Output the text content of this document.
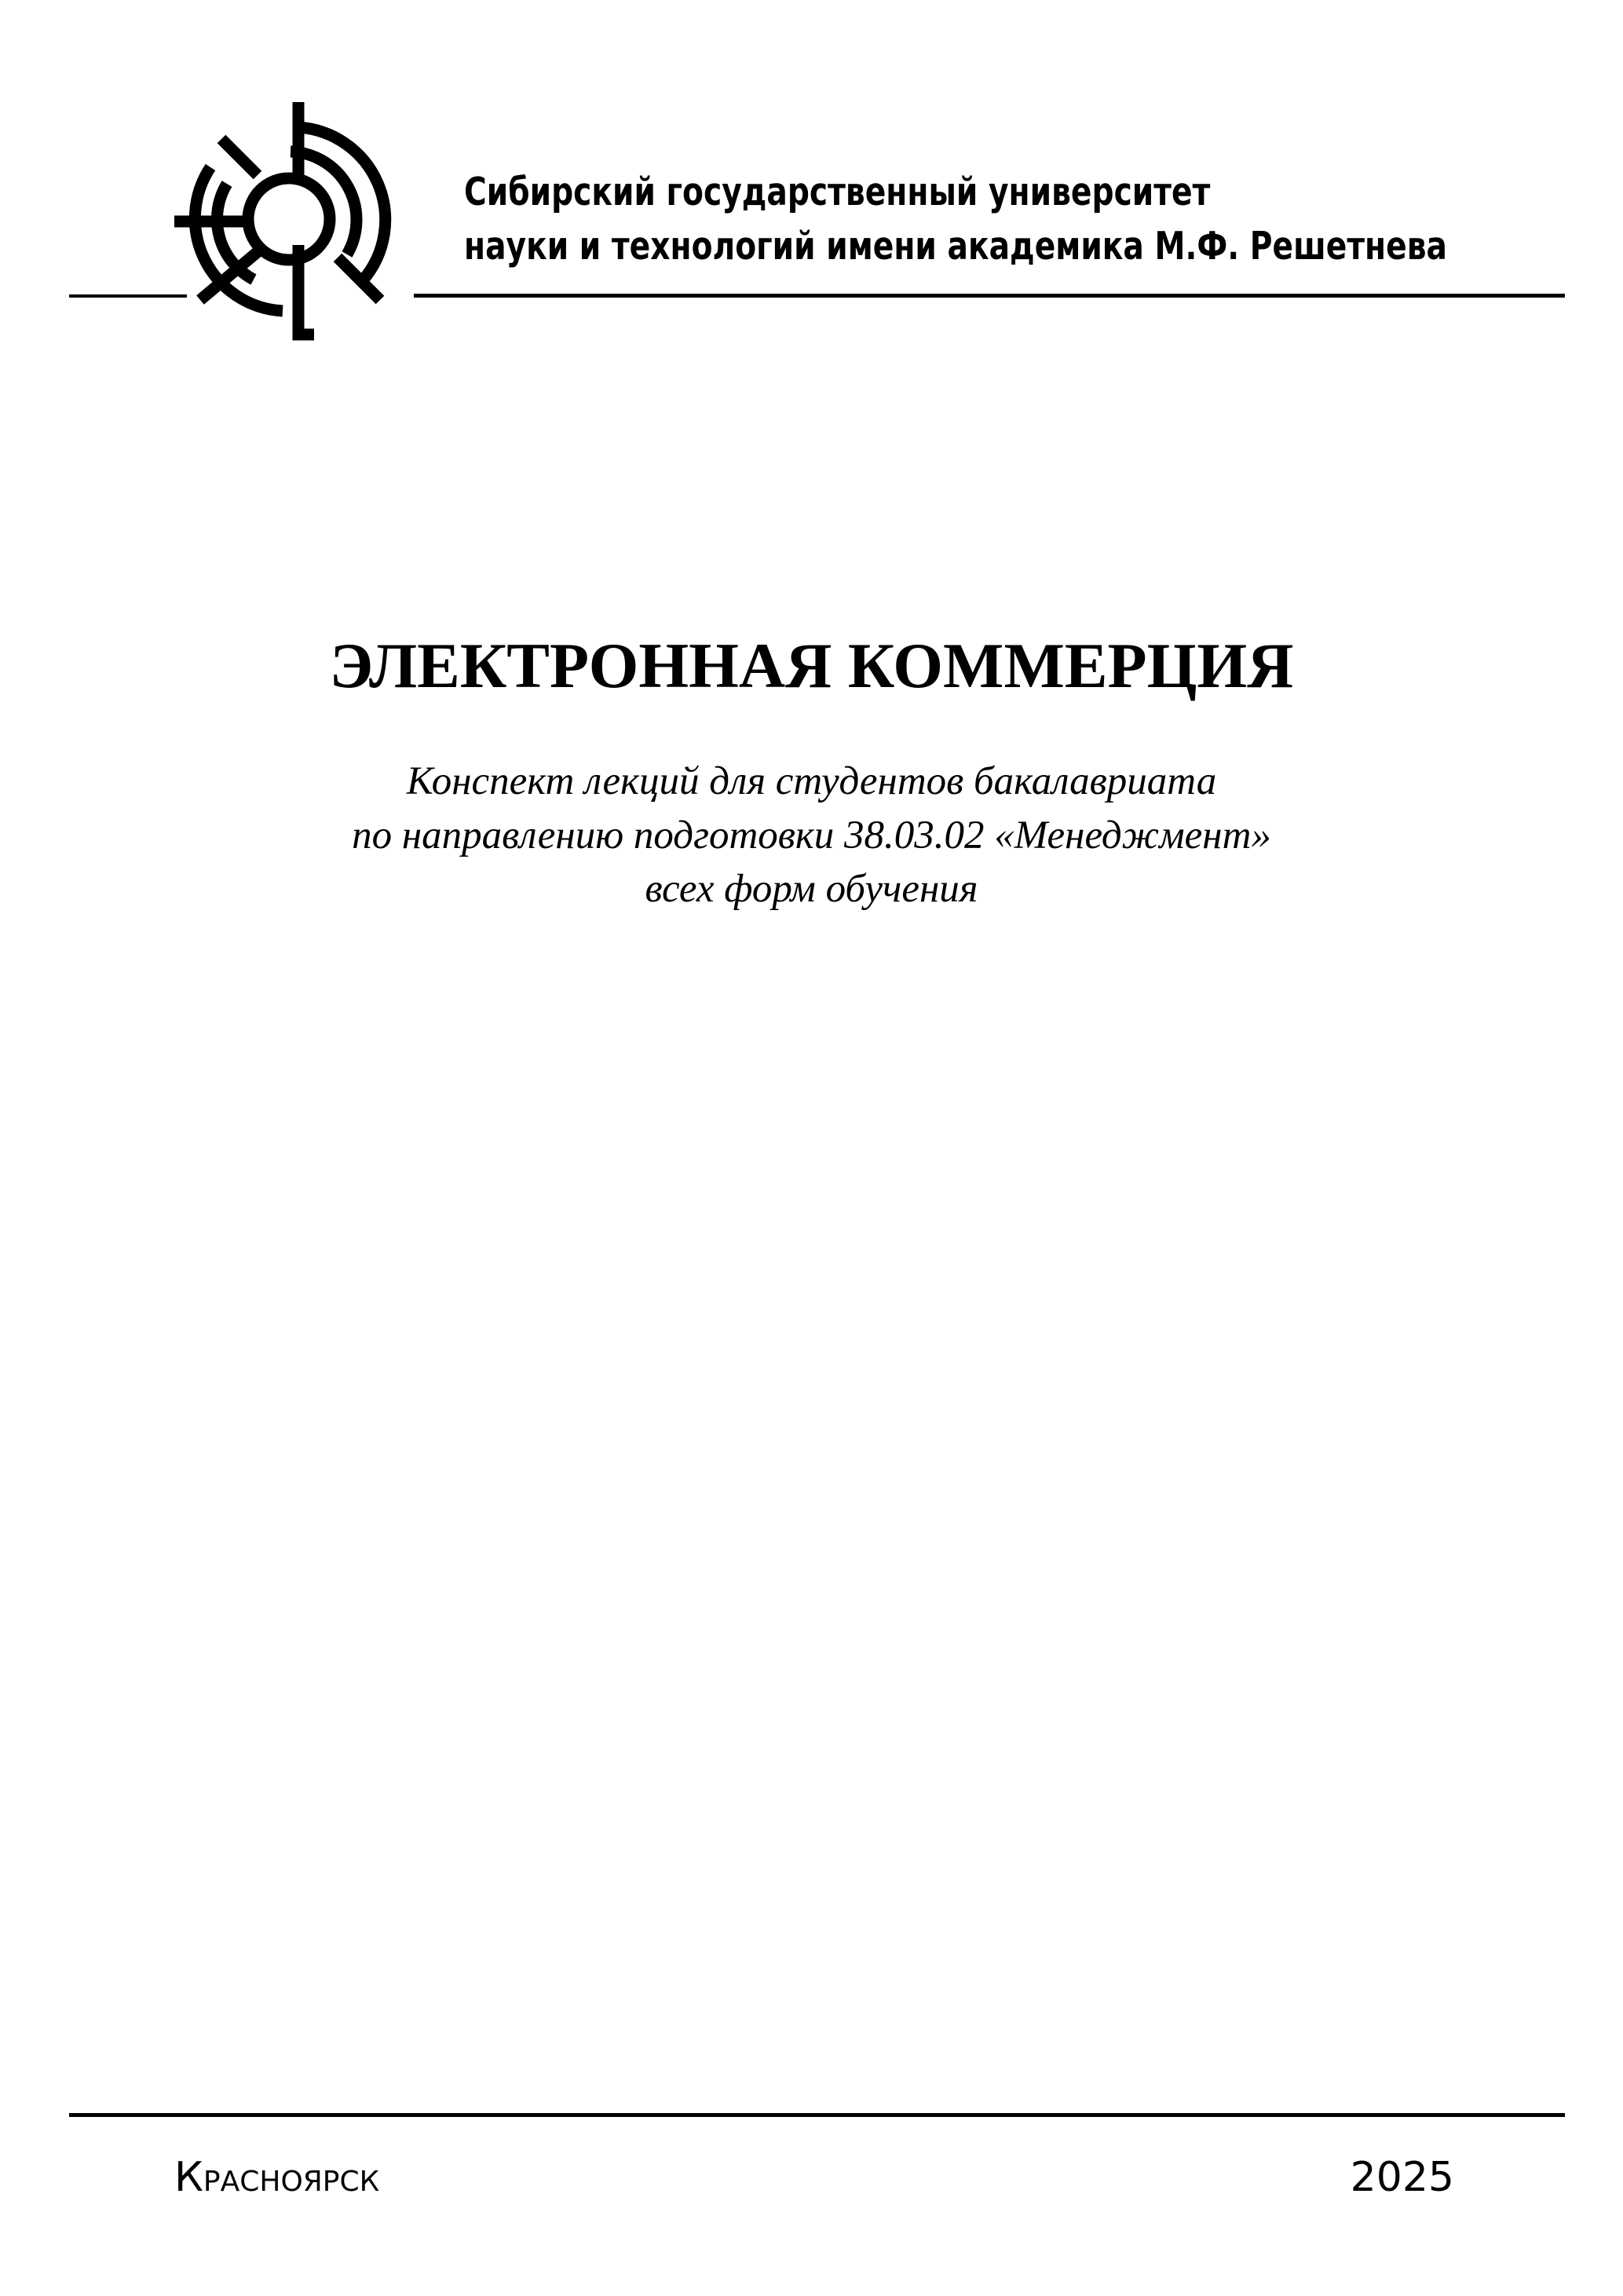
Сибирский государственный университет
науки и технологий имени академика М.Ф. Решетнева
ЭЛЕКТРОННАЯ КОММЕРЦИЯ
Конспект лекций для студентов бакалавриата
по направлению подготовки 38.03.02 «Менеджмент»
всех форм обучения
Красноярск	2025
